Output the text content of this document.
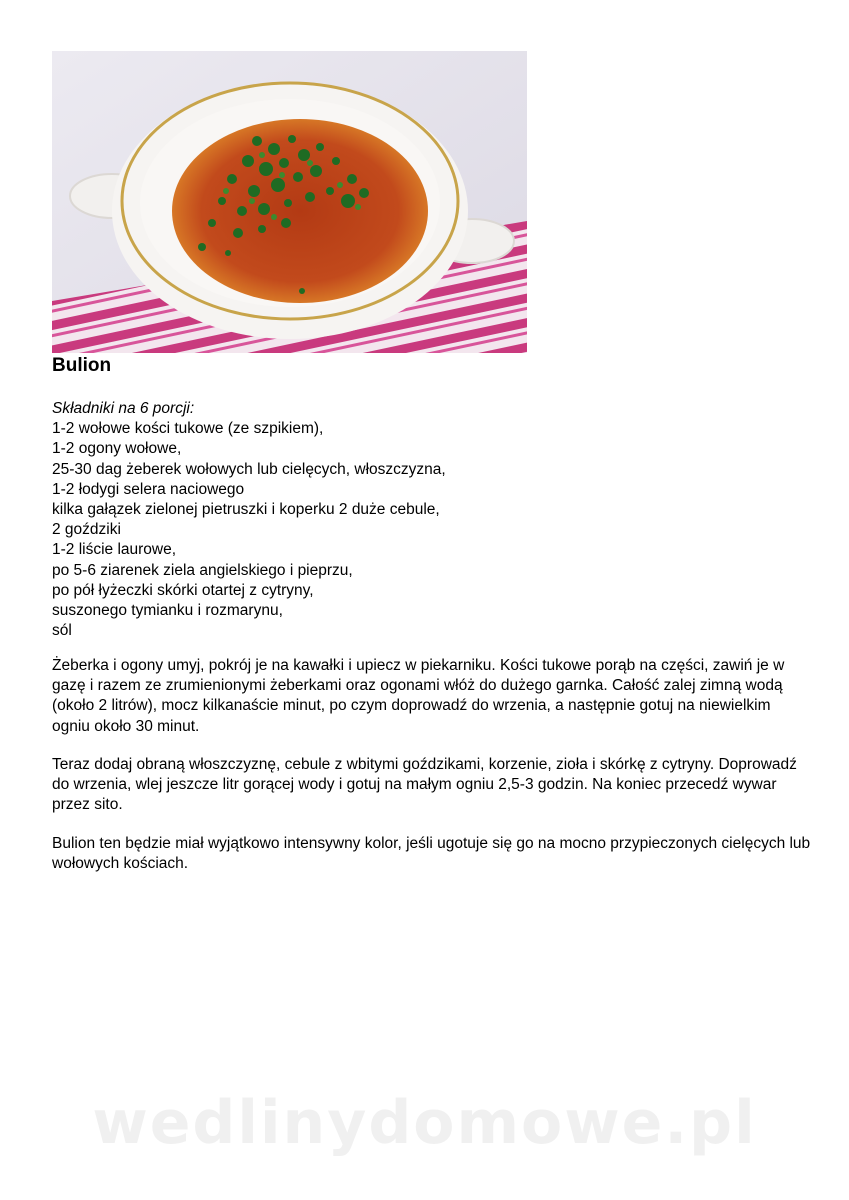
Bulion
Składniki na 6 porcji:
1-2 wołowe kości tukowe (ze szpikiem),
1-2 ogony wołowe,
25-30 dag żeberek wołowych lub cielęcych, włoszczyzna,
1-2 łodygi selera naciowego
kilka gałązek zielonej pietruszki i koperku 2 duże cebule,
2 goździki
1-2 liście laurowe,
po 5-6 ziarenek ziela angielskiego i pieprzu,
po pół łyżeczki skórki otartej z cytryny,
suszonego tymianku i rozmarynu,
sól

Żeberka i ogony umyj, pokrój je na kawałki i upiecz w piekarniku. Kości tukowe porąb na części, zawiń je w gazę i razem ze zrumienionymi żeberkami oraz ogonami włóż do dużego garnka. Całość zalej zimną wodą (około 2 litrów), mocz kilkanaście minut, po czym doprowadź do wrzenia, a następnie gotuj na niewielkim ogniu około 30 minut.

Teraz dodaj obraną włoszczyznę, cebule z wbitymi goździkami, korzenie, zioła i skórkę z cytryny. Doprowadź do wrzenia, wlej jeszcze litr gorącej wody i gotuj na małym ogniu 2,5-3 godzin. Na koniec przecedź wywar przez sito.

Bulion ten będzie miał wyjątkowo intensywny kolor, jeśli ugotuje się go na mocno przypieczonych cielęcych lub wołowych kościach.

wedlinydomowe.pl
